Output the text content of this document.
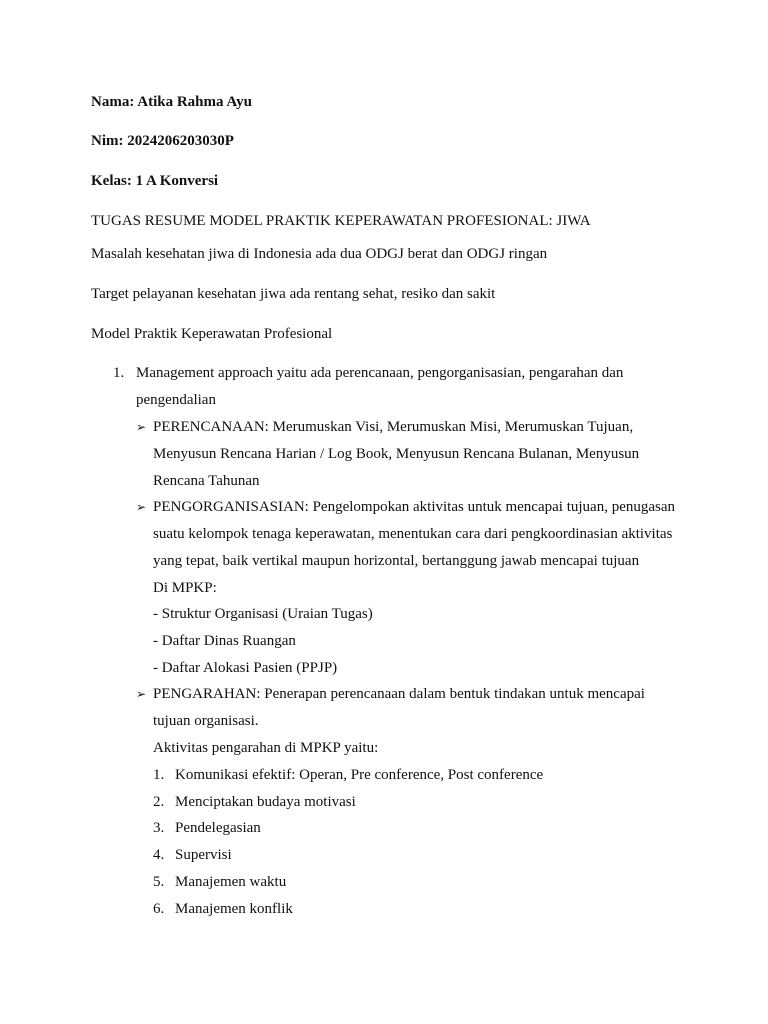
Nama: Atika Rahma Ayu
Nim: 2024206203030P
Kelas: 1 A Konversi
TUGAS RESUME MODEL PRAKTIK KEPERAWATAN PROFESIONAL: JIWA
Masalah kesehatan jiwa di Indonesia ada dua ODGJ berat dan ODGJ ringan
Target pelayanan kesehatan jiwa ada rentang sehat, resiko dan sakit
Model Praktik Keperawatan Profesional
1. Management approach yaitu ada perencanaan, pengorganisasian, pengarahan dan
pengendalian
➢ PERENCANAAN: Merumuskan Visi, Merumuskan Misi, Merumuskan Tujuan,
Menyusun Rencana Harian / Log Book, Menyusun Rencana Bulanan, Menyusun
Rencana Tahunan
➢ PENGORGANISASIAN: Pengelompokan aktivitas untuk mencapai tujuan, penugasan
suatu kelompok tenaga keperawatan, menentukan cara dari pengkoordinasian aktivitas
yang tepat, baik vertikal maupun horizontal, bertanggung jawab mencapai tujuan
Di MPKP:
- Struktur Organisasi (Uraian Tugas)
- Daftar Dinas Ruangan
- Daftar Alokasi Pasien (PPJP)
➢ PENGARAHAN: Penerapan perencanaan dalam bentuk tindakan untuk mencapai
tujuan organisasi.
Aktivitas pengarahan di MPKP yaitu:
1. Komunikasi efektif: Operan, Pre conference, Post conference
2. Menciptakan budaya motivasi
3. Pendelegasian
4. Supervisi
5. Manajemen waktu
6. Manajemen konflik
